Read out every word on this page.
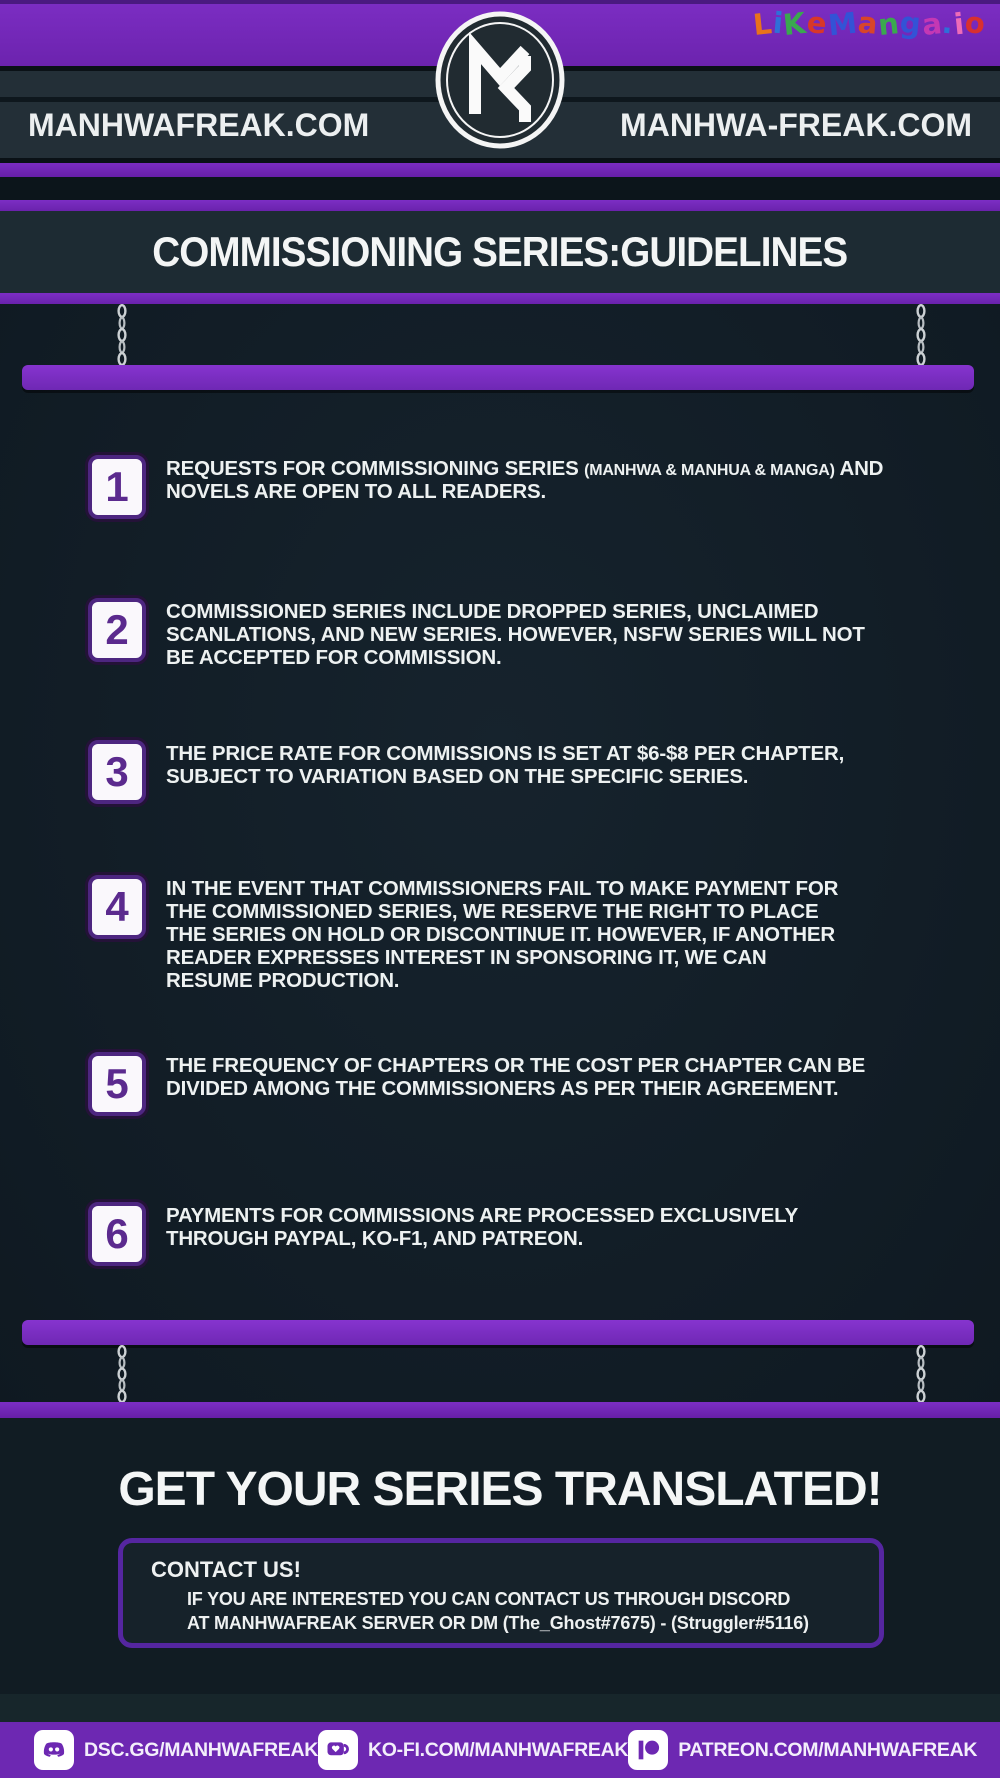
LiKeManga.io
MANHWAFREAK.COM	MANHWA-FREAK.COM
COMMISSIONING SERIES:GUIDELINES
1	REQUESTS FOR COMMISSIONING SERIES (MANHWA & MANHUA & MANGA) AND NOVELS ARE OPEN TO ALL READERS.
2	COMMISSIONED SERIES INCLUDE DROPPED SERIES, UNCLAIMED SCANLATIONS, AND NEW SERIES. HOWEVER, NSFW SERIES WILL NOT BE ACCEPTED FOR COMMISSION.
3	THE PRICE RATE FOR COMMISSIONS IS SET AT $6-$8 PER CHAPTER, SUBJECT TO VARIATION BASED ON THE SPECIFIC SERIES.
4	IN THE EVENT THAT COMMISSIONERS FAIL TO MAKE PAYMENT FOR THE COMMISSIONED SERIES, WE RESERVE THE RIGHT TO PLACE THE SERIES ON HOLD OR DISCONTINUE IT. HOWEVER, IF ANOTHER READER EXPRESSES INTEREST IN SPONSORING IT, WE CAN RESUME PRODUCTION.
5	THE FREQUENCY OF CHAPTERS OR THE COST PER CHAPTER CAN BE DIVIDED AMONG THE COMMISSIONERS AS PER THEIR AGREEMENT.
6	PAYMENTS FOR COMMISSIONS ARE PROCESSED EXCLUSIVELY THROUGH PAYPAL, KO-F1, AND PATREON.
GET YOUR SERIES TRANSLATED!
CONTACT US!
IF YOU ARE INTERESTED YOU CAN CONTACT US THROUGH DISCORD
AT MANHWAFREAK SERVER OR DM (The_Ghost#7675) - (Struggler#5116)
DSC.GG/MANHWAFREAK	KO-FI.COM/MANHWAFREAK	PATREON.COM/MANHWAFREAK
